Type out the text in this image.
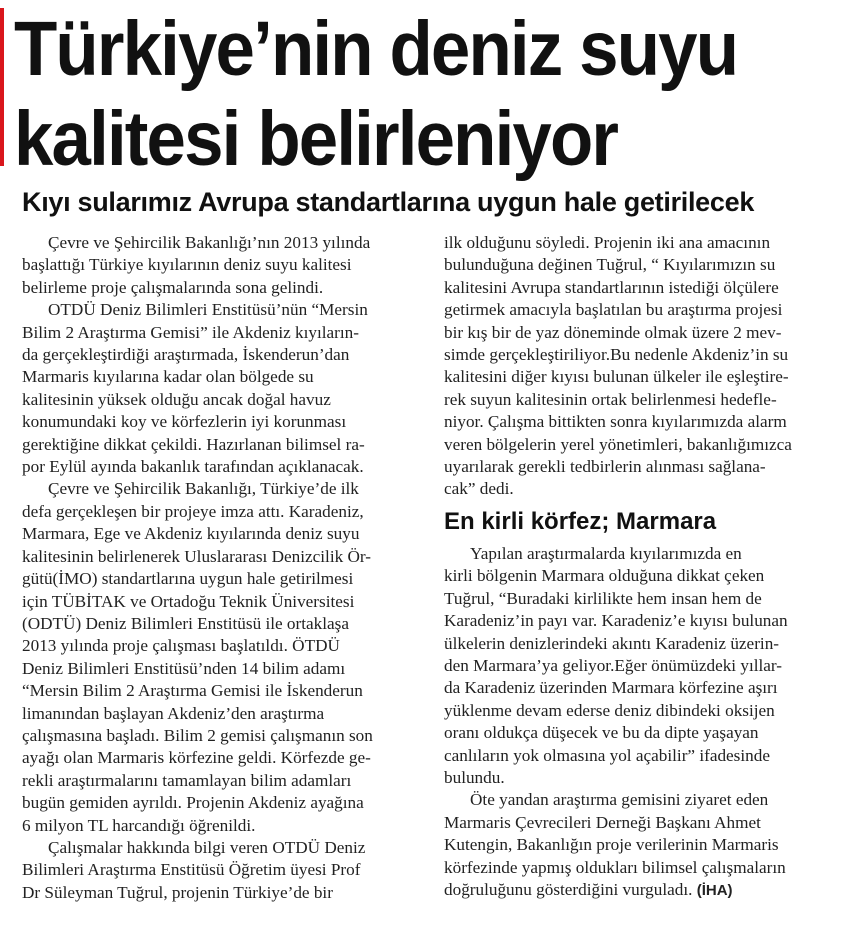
Türkiye’nin deniz suyu
kalitesi belirleniyor
Kıyı sularımız Avrupa standartlarına uygun hale getirilecek

Çevre ve Şehircilik Bakanlığı’nın 2013 yılında

başlattığı Türkiye kıyılarının deniz suyu kalitesi

belirleme proje çalışmalarında sona gelindi.

OTDÜ Deniz Bilimleri Enstitüsü’nün “Mersin

Bilim 2 Araştırma Gemisi” ile Akdeniz kıyıların-

da gerçekleştirdiği araştırmada, İskenderun’dan

Marmaris kıyılarına kadar olan bölgede su

kalitesinin yüksek olduğu ancak doğal havuz

konumundaki koy ve körfezlerin iyi korunması

gerektiğine dikkat çekildi. Hazırlanan bilimsel ra-

por Eylül ayında bakanlık tarafından açıklanacak.

Çevre ve Şehircilik Bakanlığı, Türkiye’de ilk

defa gerçekleşen bir projeye imza attı. Karadeniz,

Marmara, Ege ve Akdeniz kıyılarında deniz suyu

kalitesinin belirlenerek Uluslararası Denizcilik Ör-

gütü(İMO) standartlarına uygun hale getirilmesi

için TÜBİTAK ve Ortadoğu Teknik Üniversitesi

(ODTÜ) Deniz Bilimleri Enstitüsü ile ortaklaşa

2013 yılında proje çalışması başlatıldı. ÖTDÜ

Deniz Bilimleri Enstitüsü’nden 14 bilim adamı

“Mersin Bilim 2 Araştırma Gemisi ile İskenderun

limanından başlayan Akdeniz’den araştırma

çalışmasına başladı. Bilim 2 gemisi çalışmanın son

ayağı olan Marmaris körfezine geldi. Körfezde ge-

rekli araştırmalarını tamamlayan bilim adamları

bugün gemiden ayrıldı. Projenin Akdeniz ayağına

6 milyon TL harcandığı öğrenildi.

Çalışmalar hakkında bilgi veren OTDÜ Deniz

Bilimleri Araştırma Enstitüsü Öğretim üyesi Prof

Dr Süleyman Tuğrul, projenin Türkiye’de bir

ilk olduğunu söyledi. Projenin iki ana amacının

bulunduğuna değinen Tuğrul, “ Kıyılarımızın su

kalitesini Avrupa standartlarının istediği ölçülere

getirmek amacıyla başlatılan bu araştırma projesi

bir kış bir de yaz döneminde olmak üzere 2 mev-

simde gerçekleştiriliyor.Bu nedenle Akdeniz’in su

kalitesini diğer kıyısı bulunan ülkeler ile eşleştire-

rek suyun kalitesinin ortak belirlenmesi hedefle-

niyor. Çalışma bittikten sonra kıyılarımızda alarm

veren bölgelerin yerel yönetimleri, bakanlığımızca

uyarılarak gerekli tedbirlerin alınması sağlana-

cak” dedi.

En kirli körfez; Marmara

Yapılan araştırmalarda kıyılarımızda en

kirli bölgenin Marmara olduğuna dikkat çeken

Tuğrul, “Buradaki kirlilikte hem insan hem de

Karadeniz’in payı var. Karadeniz’e kıyısı bulunan

ülkelerin denizlerindeki akıntı Karadeniz üzerin-

den Marmara’ya geliyor.Eğer önümüzdeki yıllar-

da Karadeniz üzerinden Marmara körfezine aşırı

yüklenme devam ederse deniz dibindeki oksijen

oranı oldukça düşecek ve bu da dipte yaşayan

canlıların yok olmasına yol açabilir” ifadesinde

bulundu.

Öte yandan araştırma gemisini ziyaret eden

Marmaris Çevrecileri Derneği Başkanı Ahmet

Kutengin, Bakanlığın proje verilerinin Marmaris

körfezinde yapmış oldukları bilimsel çalışmaların

doğruluğunu gösterdiğini vurguladı. (İHA)
